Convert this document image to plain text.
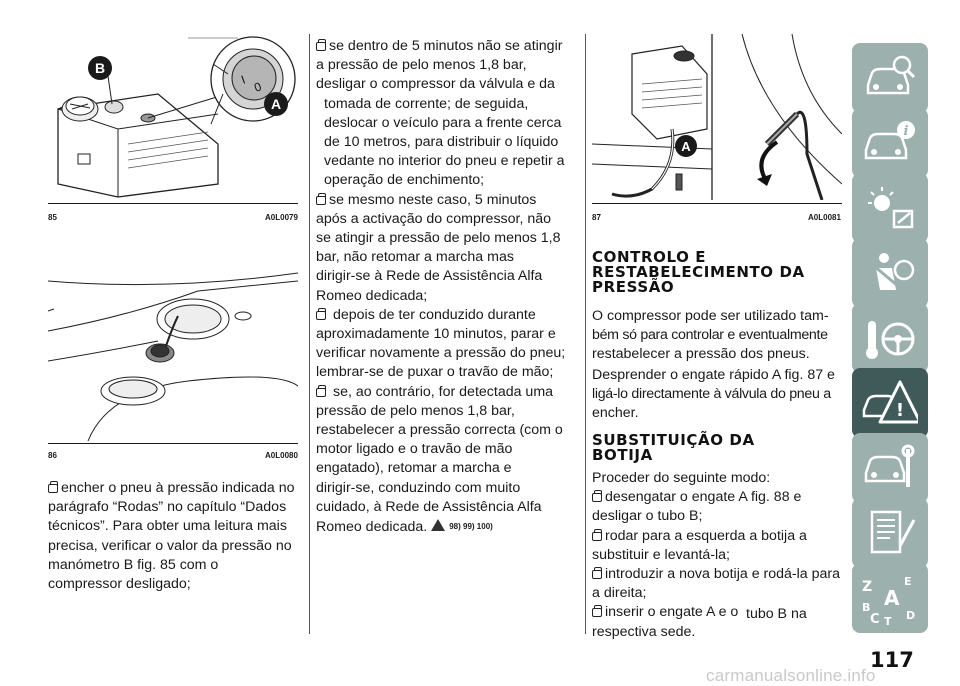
I 0
B
A
85	A0L0079
86	A0L0080

encher o pneu à pressão indicada no

parágrafo “Rodas” no capítulo “Dados

técnicos”. Para obter uma leitura mais

precisa, verificar o valor da pressão no

manómetro B fig. 85 com o

compressor desligado;

se dentro de 5 minutos não se atingir

a pressão de pelo menos 1,8 bar,

desligar o compressor da válvula e da

tomada de corrente; de seguida,

deslocar o veículo para a frente cerca

de 10 metros, para distribuir o líquido

vedante no interior do pneu e repetir a

operação de enchimento;

se mesmo neste caso, 5 minutos

após a activação do compressor, não

se atingir a pressão de pelo menos 1,8

bar, não retomar a marcha mas

dirigir-se à Rede de Assistência Alfa

Romeo dedicada;

depois de ter conduzido durante

aproximadamente 10 minutos, parar e

verificar novamente a pressão do pneu;

lembrar-se de puxar o travão de mão;

se, ao contrário, for detectada uma

pressão de pelo menos 1,8 bar,

restabelecer a pressão correcta (com o

motor ligado e o travão de mão

engatado), retomar a marcha e

dirigir-se, conduzindo com muito

cuidado, à Rede de Assistência Alfa

Romeo dedicada.	98) 99) 100)

A
87	A0L0081
CONTROLO E
RESTABELECIMENTO DA
PRESSÃO

O compressor pode ser utilizado tam-

bém só para controlar e eventualmente

restabelecer a pressão dos pneus.

Desprender o engate rápido A fig. 87 e

ligá-lo directamente à válvula do pneu a

encher.

SUBSTITUIÇÃO DA
BOTIJA

Proceder do seguinte modo:

desengatar o engate A fig. 88 e

desligar o tubo B;

rodar para a esquerda a botija a

substituir e levantá-la;

introduzir a nova botija e rodá-la para

a direita;

inserir o engate A e o

respectiva sede.

tubo B na
i
!
Z	E
A
B
C T D
117
carmanualsonline.info
